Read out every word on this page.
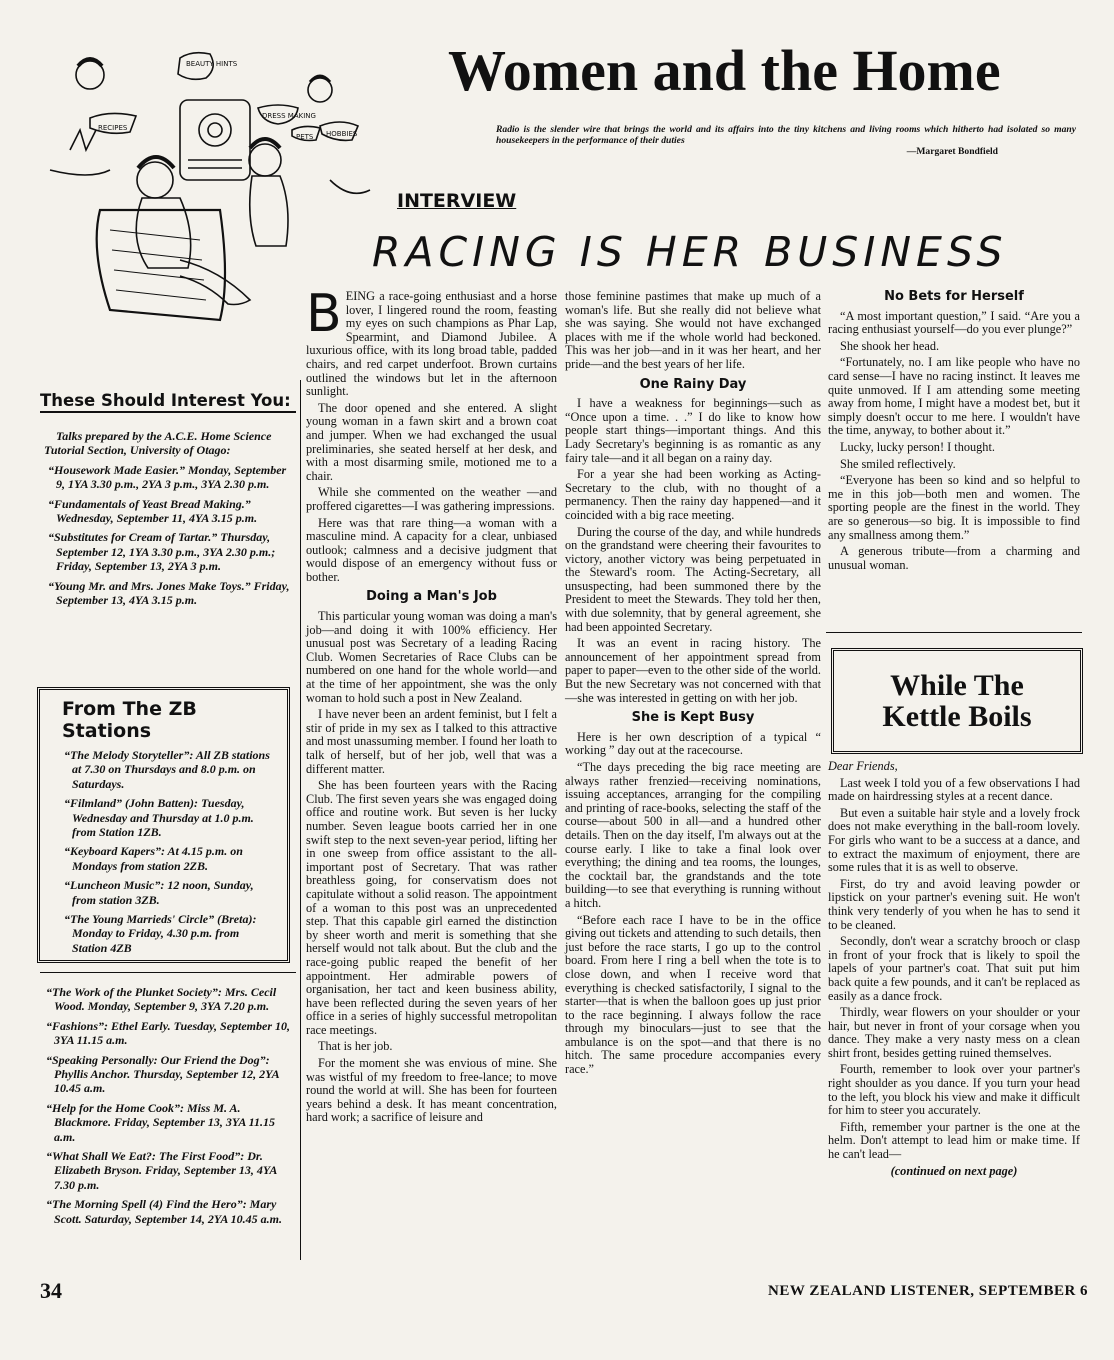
BEAUTY HINTS
DRESS MAKING
RECIPES
PETS HOBBIES
Women and the Home
Radio is the slender wire that brings the world and its affairs into the tiny kitchens and living rooms which hitherto had isolated so many housekeepers in the performance of their duties
—Margaret Bondfield
INTERVIEW
RACING IS HER BUSINESS
These Should Interest You:

Talks prepared by the A.C.E. Home Science Tutorial Section, University of Otago:

“Housework Made Easier.” Monday, September 9, 1YA 3.30 p.m., 2YA 3 p.m., 3YA 2.30 p.m.

“Fundamentals of Yeast Bread Making.” Wednesday, September 11, 4YA 3.15 p.m.

“Substitutes for Cream of Tartar.” Thursday, September 12, 1YA 3.30 p.m., 3YA 2.30 p.m.; Friday, September 13, 2YA 3 p.m.

“Young Mr. and Mrs. Jones Make Toys.” Friday, September 13, 4YA 3.15 p.m.

From The ZB Stations

“The Melody Storyteller”: All ZB stations at 7.30 on Thursdays and 8.0 p.m. on Saturdays.

“Filmland” (John Batten): Tuesday, Wednesday and Thursday at 1.0 p.m. from Station 1ZB.

“Keyboard Kapers”: At 4.15 p.m. on Mondays from station 2ZB.

“Luncheon Music”: 12 noon, Sunday, from station 3ZB.

“The Young Marrieds' Circle” (Breta): Monday to Friday, 4.30 p.m. from Station 4ZB

“The Work of the Plunket Society”: Mrs. Cecil Wood. Monday, September 9, 3YA 7.20 p.m.

“Fashions”: Ethel Early. Tuesday, September 10, 3YA 11.15 a.m.

“Speaking Personally: Our Friend the Dog”: Phyllis Anchor. Thursday, September 12, 2YA 10.45 a.m.

“Help for the Home Cook”: Miss M. A. Blackmore. Friday, September 13, 3YA 11.15 a.m.

“What Shall We Eat?: The First Food”: Dr. Elizabeth Bryson. Friday, September 13, 4YA 7.30 p.m.

“The Morning Spell (4) Find the Hero”: Mary Scott. Saturday, September 14, 2YA 10.45 a.m.

BEING a race-going enthusiast and a horse lover, I lingered round the room, feasting my eyes on such champions as Phar Lap, Spearmint, and Diamond Jubilee. A luxurious office, with its long broad table, padded chairs, and red carpet underfoot. Brown curtains outlined the windows but let in the afternoon sunlight.

The door opened and she entered. A slight young woman in a fawn skirt and a brown coat and jumper. When we had exchanged the usual preliminaries, she seated herself at her desk, and with a most disarming smile, motioned me to a chair.

While she commented on the weather —and proffered cigarettes—I was gathering impressions.

Here was that rare thing—a woman with a masculine mind. A capacity for a clear, unbiased outlook; calmness and a decisive judgment that would dispose of an emergency without fuss or bother.

Doing a Man's Job

This particular young woman was doing a man's job—and doing it with 100% efficiency. Her unusual post was Secretary of a leading Racing Club. Women Secretaries of Race Clubs can be numbered on one hand for the whole world—and at the time of her appointment, she was the only woman to hold such a post in New Zealand.

I have never been an ardent feminist, but I felt a stir of pride in my sex as I talked to this attractive and most unassuming member. I found her loath to talk of herself, but of her job, well that was a different matter.

She has been fourteen years with the Racing Club. The first seven years she was engaged doing office and routine work. But seven is her lucky number. Seven league boots carried her in one swift step to the next seven-year period, lifting her in one sweep from office assistant to the all-important post of Secretary. That was rather breathless going, for conservatism does not capitulate without a solid reason. The appointment of a woman to this post was an unprecedented step. That this capable girl earned the distinction by sheer worth and merit is something that she herself would not talk about. But the club and the race-going public reaped the benefit of her appointment. Her admirable powers of organisation, her tact and keen business ability, have been reflected during the seven years of her office in a series of highly successful metropolitan race meetings.

That is her job.

For the moment she was envious of mine. She was wistful of my freedom to free-lance; to move round the world at will. She has been for fourteen years behind a desk. It has meant concentration, hard work; a sacrifice of leisure and

those feminine pastimes that make up much of a woman's life. But she really did not believe what she was saying. She would not have exchanged places with me if the whole world had beckoned. This was her job—and in it was her heart, and her pride—and the best years of her life.

One Rainy Day

I have a weakness for beginnings—such as “Once upon a time. . .” I do like to know how people start things—important things. And this Lady Secretary's beginning is as romantic as any fairy tale—and it all began on a rainy day.

For a year she had been working as Acting-Secretary to the club, with no thought of a permanency. Then the rainy day happened—and it coincided with a big race meeting.

During the course of the day, and while hundreds on the grandstand were cheering their favourites to victory, another victory was being perpetuated in the Steward's room. The Acting-Secretary, all unsuspecting, had been summoned there by the President to meet the Stewards. They told her then, with due solemnity, that by general agreement, she had been appointed Secretary.

It was an event in racing history. The announcement of her appointment spread from paper to paper—even to the other side of the world. But the new Secretary was not concerned with that—she was interested in getting on with her job.

She is Kept Busy

Here is her own description of a typical “ working ” day out at the racecourse.

“The days preceding the big race meeting are always rather frenzied—receiving nominations, issuing acceptances, arranging for the compiling and printing of race-books, selecting the staff of the course—about 500 in all—and a hundred other details. Then on the day itself, I'm always out at the course early. I like to take a final look over everything; the dining and tea rooms, the lounges, the cocktail bar, the grandstands and the tote building—to see that everything is running without a hitch.

“Before each race I have to be in the office giving out tickets and attending to such details, then just before the race starts, I go up to the control board. From here I ring a bell when the tote is to close down, and when I receive word that everything is checked satisfactorily, I signal to the starter—that is when the balloon goes up just prior to the race beginning. I always follow the race through my binoculars—just to see that the ambulance is on the spot—and that there is no hitch. The same procedure accompanies every race.”

No Bets for Herself

“A most important question,” I said. “Are you a racing enthusiast yourself—do you ever plunge?”

She shook her head.

“Fortunately, no. I am like people who have no card sense—I have no racing instinct. It leaves me quite unmoved. If I am attending some meeting away from home, I might have a modest bet, but it simply doesn't occur to me here. I wouldn't have the time, anyway, to bother about it.”

Lucky, lucky person! I thought.

She smiled reflectively.

“Everyone has been so kind and so helpful to me in this job—both men and women. The sporting people are the finest in the world. They are so generous—so big. It is impossible to find any smallness among them.”

A generous tribute—from a charming and unusual woman.

While The
Kettle Boils

Dear Friends,

Last week I told you of a few observations I had made on hairdressing styles at a recent dance.

But even a suitable hair style and a lovely frock does not make everything in the ball-room lovely. For girls who want to be a success at a dance, and to extract the maximum of enjoyment, there are some rules that it is as well to observe.

First, do try and avoid leaving powder or lipstick on your partner's evening suit. He won't think very tenderly of you when he has to send it to be cleaned.

Secondly, don't wear a scratchy brooch or clasp in front of your frock that is likely to spoil the lapels of your partner's coat. That suit put him back quite a few pounds, and it can't be replaced as easily as a dance frock.

Thirdly, wear flowers on your shoulder or your hair, but never in front of your corsage when you dance. They make a very nasty mess on a clean shirt front, besides getting ruined themselves.

Fourth, remember to look over your partner's right shoulder as you dance. If you turn your head to the left, you block his view and make it difficult for him to steer you accurately.

Fifth, remember your partner is the one at the helm. Don't attempt to lead him or make time. If he can't lead—

(continued on next page)

34	NEW ZEALAND LISTENER, SEPTEMBER 6
